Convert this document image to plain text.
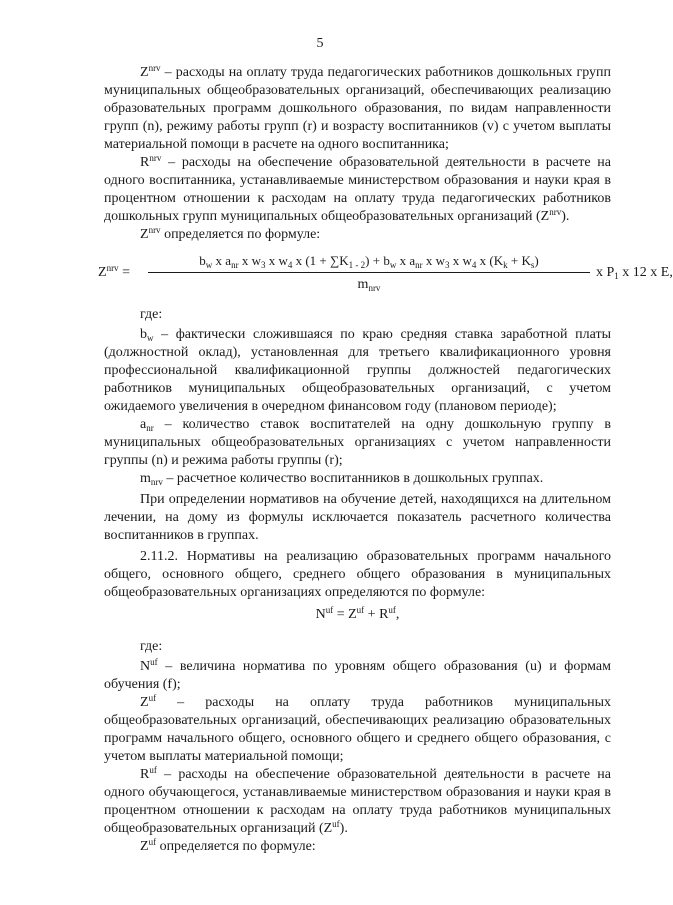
5

$Z^{nrv}$ – расходы на оплату труда педагогических работников дошкольных групп муниципальных общеобразовательных организаций, обеспечивающих реализацию образовательных программ дошкольного образования, по видам направленности групп (n), режиму работы групп (r) и возрасту воспитанников (v) с учетом выплаты материальной помощи в расчете на одного воспитанника;

$R^{nrv}$ – расходы на обеспечение образовательной деятельности в расчете на одного воспитанника, устанавливаемые министерством образования и науки края в процентном отношении к расходам на оплату труда педагогических работников дошкольных групп муниципальных общеобразовательных организаций $(Z^{nrv})$.

$Z^{nrv}$ определяется по формуле:

$Z^{nrv}$ =
$b_w$ x $a_{nr}$ x $w_3$ x $w_4$ x $(1 + \sum K_{1 - 2}) + b_w$ x $a_{nr}$ x $w_3$ x $w_4$ x $(K_k + K_s)$
$m_{nrv}$
x $P_1$ x 12 x E,

где:

$b_w$ – фактически сложившаяся по краю средняя ставка заработной платы (должностной оклад), установленная для третьего квалификационного уровня профессиональной квалификационной группы должностей педагогических работников муниципальных общеобразовательных организаций, с учетом ожидаемого увеличения в очередном финансовом году (плановом периоде);

$a_{nr}$ – количество ставок воспитателей на одну дошкольную группу в муниципальных общеобразовательных организациях с учетом направленности группы (n) и режима работы группы (r);

$m_{nrv}$ – расчетное количество воспитанников в дошкольных группах.

При определении нормативов на обучение детей, находящихся на длительном лечении, на дому из формулы исключается показатель расчетного количества воспитанников в группах.

2.11.2. Нормативы на реализацию образовательных программ начального общего, основного общего, среднего общего образования в муниципальных общеобразовательных организациях определяются по формуле:

$N^{uf} = Z^{uf} + R^{uf}$,

где:

$N^{uf}$ – величина норматива по уровням общего образования (u) и формам обучения (f);

$Z^{uf}$ – расходы на оплату труда работников муниципальных общеобразовательных организаций, обеспечивающих реализацию образовательных программ начального общего, основного общего и среднего общего образования, с учетом выплаты материальной помощи;

$R^{uf}$ – расходы на обеспечение образовательной деятельности в расчете на одного обучающегося, устанавливаемые министерством образования и науки края в процентном отношении к расходам на оплату труда работников муниципальных общеобразовательных организаций $(Z^{uf})$.

$Z^{uf}$ определяется по формуле:
